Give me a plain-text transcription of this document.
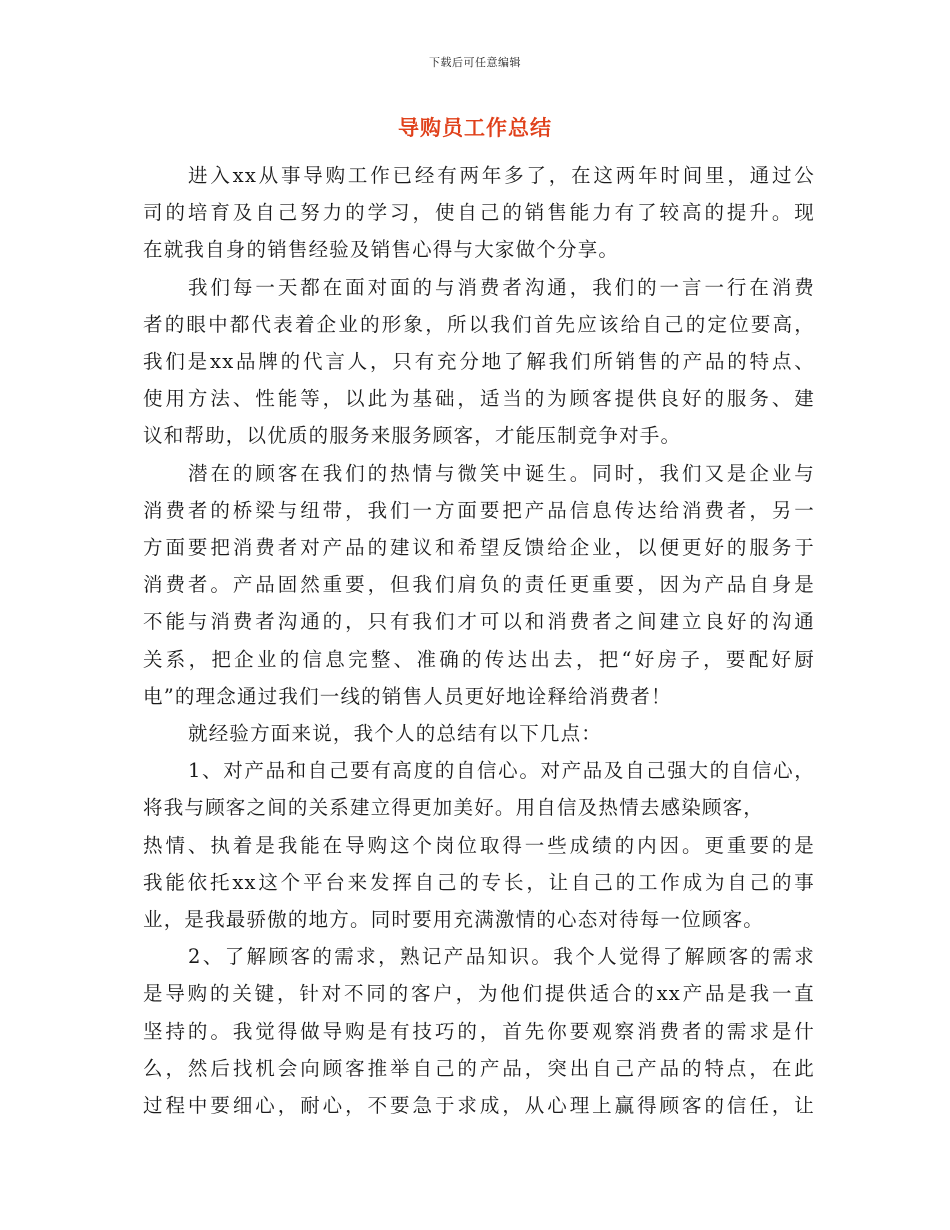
下载后可任意编辑
导购员工作总结
进入xx从事导购工作已经有两年多了，在这两年时间里，通过公
司的培育及自己努力的学习，使自己的销售能力有了较高的提升。现
在就我自身的销售经验及销售心得与大家做个分享。
我们每一天都在面对面的与消费者沟通，我们的一言一行在消费
者的眼中都代表着企业的形象，所以我们首先应该给自己的定位要高，
我们是xx品牌的代言人，只有充分地了解我们所销售的产品的特点、
使用方法、性能等，以此为基础，适当的为顾客提供良好的服务、建
议和帮助，以优质的服务来服务顾客，才能压制竞争对手。
潜在的顾客在我们的热情与微笑中诞生。同时，我们又是企业与
消费者的桥梁与纽带，我们一方面要把产品信息传达给消费者，另一
方面要把消费者对产品的建议和希望反馈给企业，以便更好的服务于
消费者。产品固然重要，但我们肩负的责任更重要，因为产品自身是
不能与消费者沟通的，只有我们才可以和消费者之间建立良好的沟通
关系，把企业的信息完整、准确的传达出去，把“好房子，要配好厨
电”的理念通过我们一线的销售人员更好地诠释给消费者！
就经验方面来说，我个人的总结有以下几点：
1、对产品和自己要有高度的自信心。对产品及自己强大的自信心，
将我与顾客之间的关系建立得更加美好。用自信及热情去感染顾客，
热情、执着是我能在导购这个岗位取得一些成绩的内因。更重要的是
我能依托xx这个平台来发挥自己的专长，让自己的工作成为自己的事
业，是我最骄傲的地方。同时要用充满激情的心态对待每一位顾客。
2、了解顾客的需求，熟记产品知识。我个人觉得了解顾客的需求
是导购的关键，针对不同的客户，为他们提供适合的xx产品是我一直
坚持的。我觉得做导购是有技巧的，首先你要观察消费者的需求是什
么，然后找机会向顾客推举自己的产品，突出自己产品的特点，在此
过程中要细心，耐心，不要急于求成，从心理上赢得顾客的信任，让
